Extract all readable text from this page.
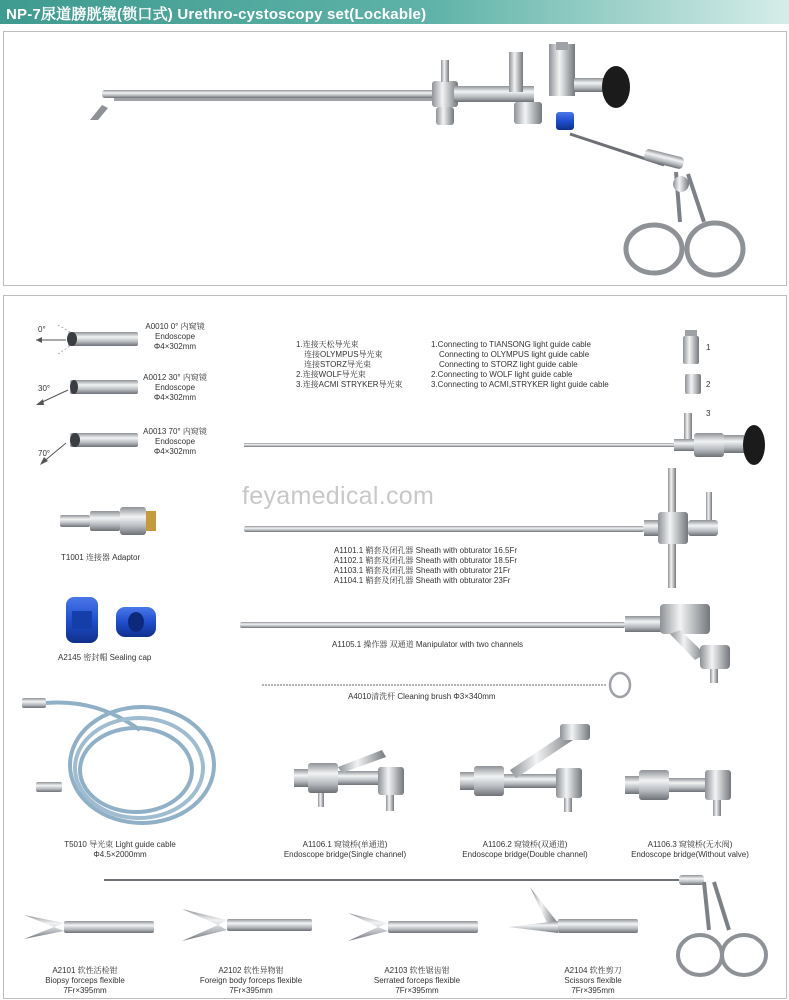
NP-7尿道膀胱镜(锁口式) Urethro-cystoscopy set(Lockable)
feyamedical.com
0°
30°
70°
A0010 0° 内窥镜
Endoscope
Φ4×302mm
A0012 30° 内窥镜
Endoscope
Φ4×302mm
A0013 70° 内窥镜
Endoscope
Φ4×302mm
1.连接天松导光束
连接OLYMPUS导光束
连接STORZ导光束
2.连接WOLF导光束
3.连接ACMI STRYKER导光束
1.Connecting to TIANSONG light guide cable
Connecting to OLYMPUS light guide cable
Connecting to STORZ light guide cable
2.Connecting to WOLF light guide cable
3.Connecting to ACMI,STRYKER light guide cable
1
2
3
T1001 连接器 Adaptor
A2145 密封帽 Sealing cap
A1101.1 鞘套及闭孔器 Sheath with obturator 16.5Fr
A1102.1 鞘套及闭孔器 Sheath with obturator 18.5Fr
A1103.1 鞘套及闭孔器 Sheath with obturator 21Fr
A1104.1 鞘套及闭孔器 Sheath with obturator 23Fr
A1105.1 操作器 双通道 Manipulator with two channels
A4010清洗杆 Cleaning brush Φ3×340mm
T5010 导光束 Light guide cable
Φ4.5×2000mm
A1106.1 窥镜桥(单通道)
Endoscope bridge(Single channel)
A1106.2 窥镜桥(双通道)
Endoscope bridge(Double channel)
A1106.3 窥镜桥(无水阀)
Endoscope bridge(Without valve)
A2101 软性活检钳
Biopsy forceps flexible
7Fr×395mm
A2102 软性异物钳
Foreign body forceps flexible
7Fr×395mm
A2103 软性锯齿钳
Serrated forceps flexible
7Fr×395mm
A2104 软性剪刀
Scissors flexible
7Fr×395mm
